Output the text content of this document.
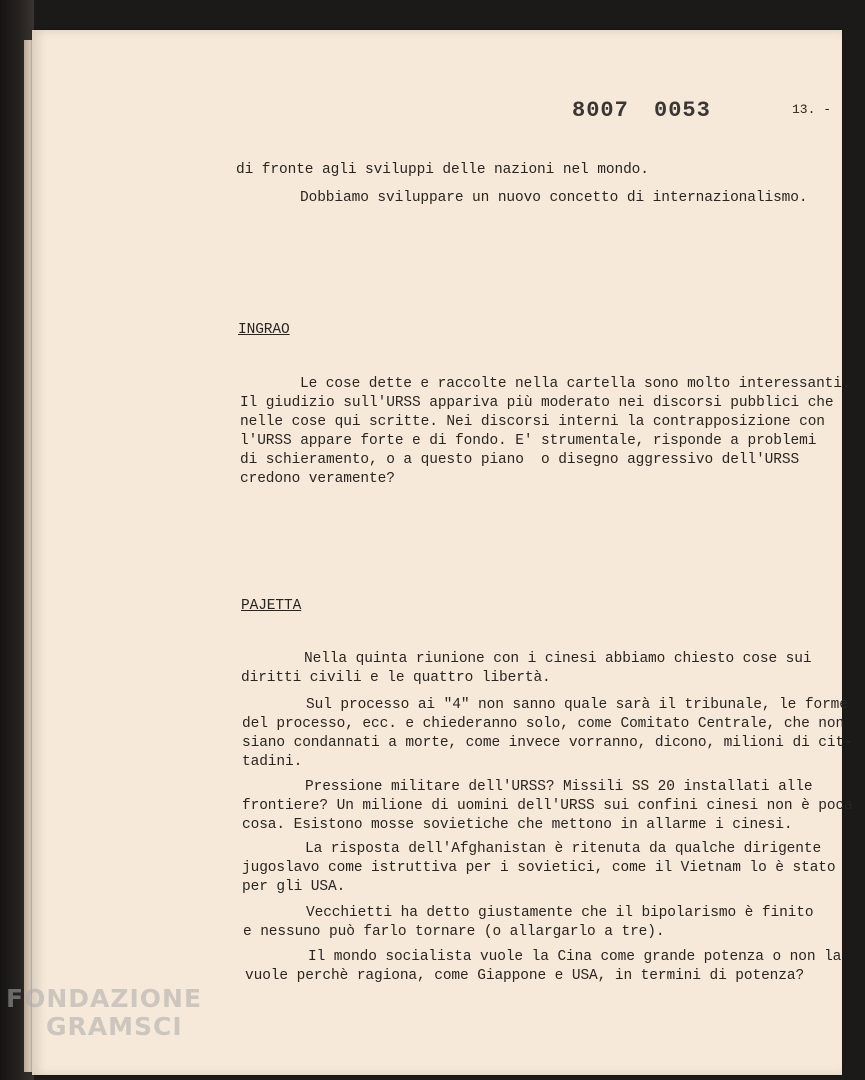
8007 0053	13. -
di fronte agli sviluppi delle nazioni nel mondo.
Dobbiamo sviluppare un nuovo concetto di internazionalismo.
INGRAO
Le cose dette e raccolte nella cartella sono molto interessanti.
Il giudizio sull'URSS appariva più moderato nei discorsi pubblici che
nelle cose qui scritte. Nei discorsi interni la contrapposizione con
l'URSS appare forte e di fondo. E' strumentale, risponde a problemi
di schieramento, o a questo piano  o disegno aggressivo dell'URSS
credono veramente?
PAJETTA
Nella quinta riunione con i cinesi abbiamo chiesto cose sui
diritti civili e le quattro libertà.
Sul processo ai "4" non sanno quale sarà il tribunale, le forme
del processo, ecc. e chiederanno solo, come Comitato Centrale, che non
siano condannati a morte, come invece vorranno, dicono, milioni di cit-
tadini.
Pressione militare dell'URSS? Missili SS 20 installati alle
frontiere? Un milione di uomini dell'URSS sui confini cinesi non è poca
cosa. Esistono mosse sovietiche che mettono in allarme i cinesi.
La risposta dell'Afghanistan è ritenuta da qualche dirigente
jugoslavo come istruttiva per i sovietici, come il Vietnam lo è stato
per gli USA.
Vecchietti ha detto giustamente che il bipolarismo è finito
e nessuno può farlo tornare (o allargarlo a tre).
Il mondo socialista vuole la Cina come grande potenza o non la
vuole perchè ragiona, come Giappone e USA, in termini di potenza?
FONDAZIONE
GRAMSCI
